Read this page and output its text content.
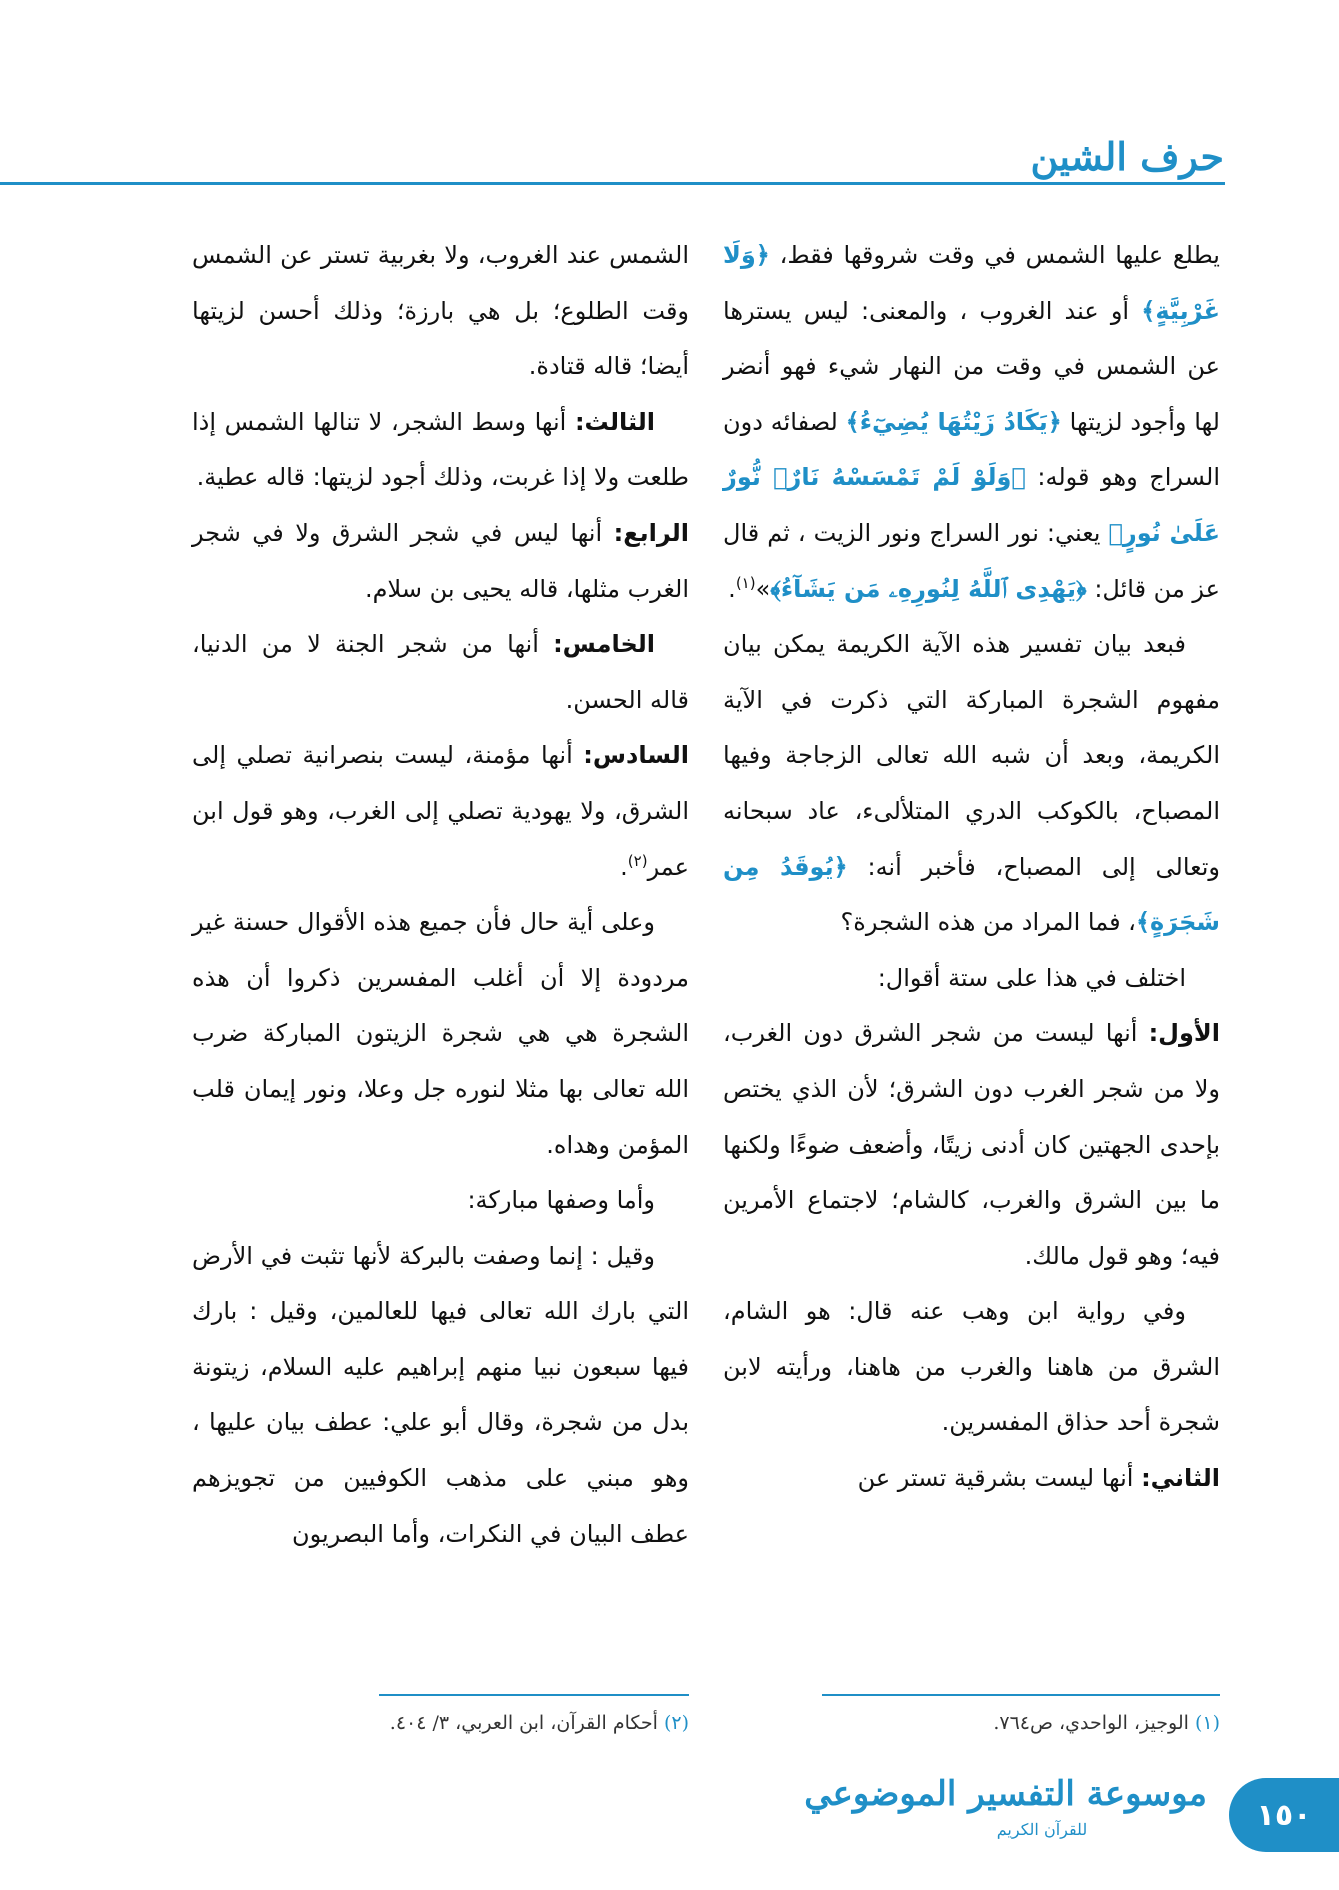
حرف الشين

يطلع عليها الشمس في وقت شروقها فقط، ﴿وَلَا غَرْبِيَّةٍ﴾ أو عند الغروب ، والمعنى: ليس يسترها عن الشمس في وقت من النهار شيء فهو أنضر لها وأجود لزيتها ﴿يَكَادُ زَيْتُهَا يُضِيٓءُ﴾ لصفائه دون السراج وهو قوله: ﴿وَلَوْ لَمْ تَمْسَسْهُ نَارٌۚ نُّورٌ عَلَىٰ نُورٍ﴾ يعني: نور السراج ونور الزيت ، ثم قال عز من قائل: ﴿يَهْدِى ٱللَّهُ لِنُورِهِۦ مَن يَشَآءُ﴾»$^{(١)}$.

فبعد بيان تفسير هذه الآية الكريمة يمكن بيان مفهوم الشجرة المباركة التي ذكرت في الآية الكريمة، وبعد أن شبه الله تعالى الزجاجة وفيها المصباح، بالكوكب الدري المتلألىء، عاد سبحانه وتعالى إلى المصباح، فأخبر أنه: ﴿يُوقَدُ مِن شَجَرَةٍ﴾، فما المراد من هذه الشجرة؟

اختلف في هذا على ستة أقوال:

الأول: أنها ليست من شجر الشرق دون الغرب، ولا من شجر الغرب دون الشرق؛ لأن الذي يختص بإحدى الجهتين كان أدنى زيتًا، وأضعف ضوءًا ولكنها ما بين الشرق والغرب، كالشام؛ لاجتماع الأمرين فيه؛ وهو قول مالك.

وفي رواية ابن وهب عنه قال: هو الشام، الشرق من هاهنا والغرب من هاهنا، ورأيته لابن شجرة أحد حذاق المفسرين.

الثاني: أنها ليست بشرقية تستر عن

الشمس عند الغروب، ولا بغربية تستر عن الشمس وقت الطلوع؛ بل هي بارزة؛ وذلك أحسن لزيتها أيضا؛ قاله قتادة.

الثالث: أنها وسط الشجر، لا تنالها الشمس إذا طلعت ولا إذا غربت، وذلك أجود لزيتها: قاله عطية.

الرابع: أنها ليس في شجر الشرق ولا في شجر الغرب مثلها، قاله يحيى بن سلام.

الخامس: أنها من شجر الجنة لا من الدنيا، قاله الحسن.

السادس: أنها مؤمنة، ليست بنصرانية تصلي إلى الشرق، ولا يهودية تصلي إلى الغرب، وهو قول ابن عمر$^{(٢)}$.

وعلى أية حال فأن جميع هذه الأقوال حسنة غير مردودة إلا أن أغلب المفسرين ذكروا أن هذه الشجرة هي هي شجرة الزيتون المباركة ضرب الله تعالى بها مثلا لنوره جل وعلا، ونور إيمان قلب المؤمن وهداه.

وأما وصفها مباركة:

وقيل : إنما وصفت بالبركة لأنها تثبت في الأرض التي بارك الله تعالى فيها للعالمين، وقيل : بارك فيها سبعون نبيا منهم إبراهيم عليه السلام، زيتونة بدل من شجرة، وقال أبو علي: عطف بيان عليها ، وهو مبني على مذهب الكوفيين من تجويزهم عطف البيان في النكرات، وأما البصريون

(١) الوجيز، الواحدي، ص٧٦٤.
(٢) أحكام القرآن، ابن العربي، ٣/ ٤٠٤.
١٥٠
موسوعة التفسير الموضوعي
للقرآن الكريم
